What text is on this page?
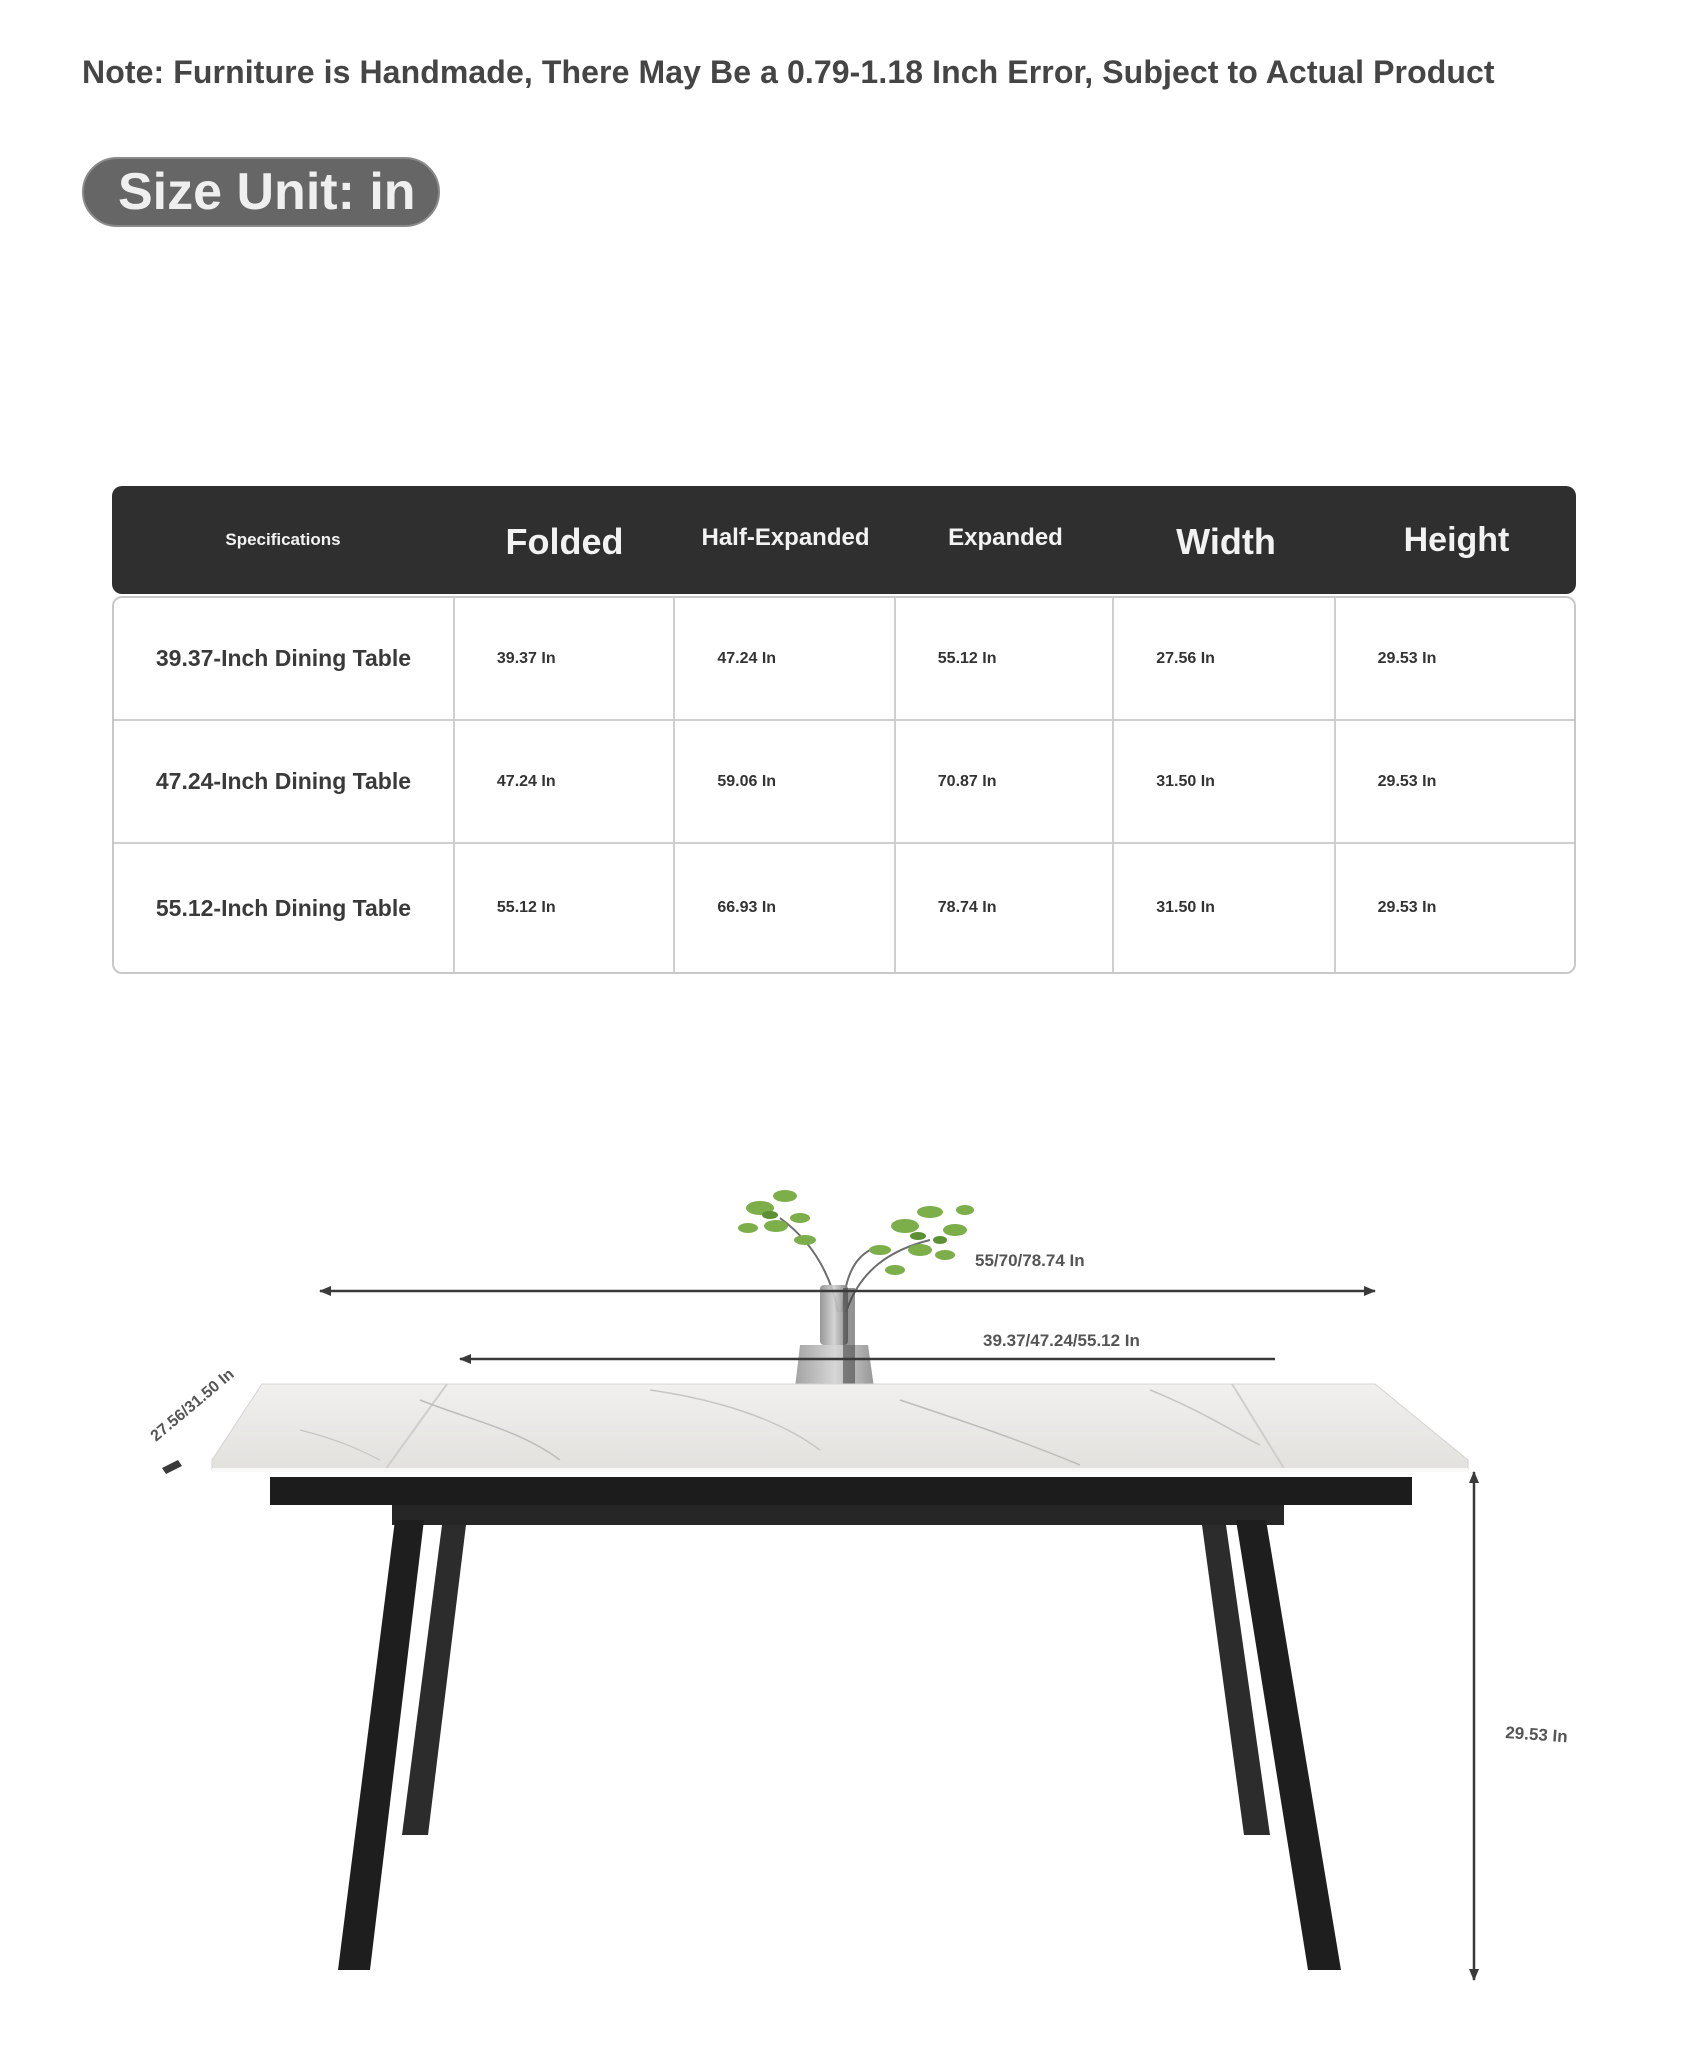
Note: Furniture is Handmade, There May Be a 0.79-1.18 Inch Error, Subject to Actual Product
Size Unit: in
Specifications	Folded	Half-Expanded	Expanded	Width	Height
39.37-Inch Dining Table	39.37 In	47.24 In	55.12 In	27.56 In	29.53 In
47.24-Inch Dining Table	47.24 In	59.06 In	70.87 In	31.50 In	29.53 In
55.12-Inch Dining Table	55.12 In	66.93 In	78.74 In	31.50 In	29.53 In
55/70/78.74 In
39.37/47.24/55.12 In
27.56/31.50 In
29.53 In
